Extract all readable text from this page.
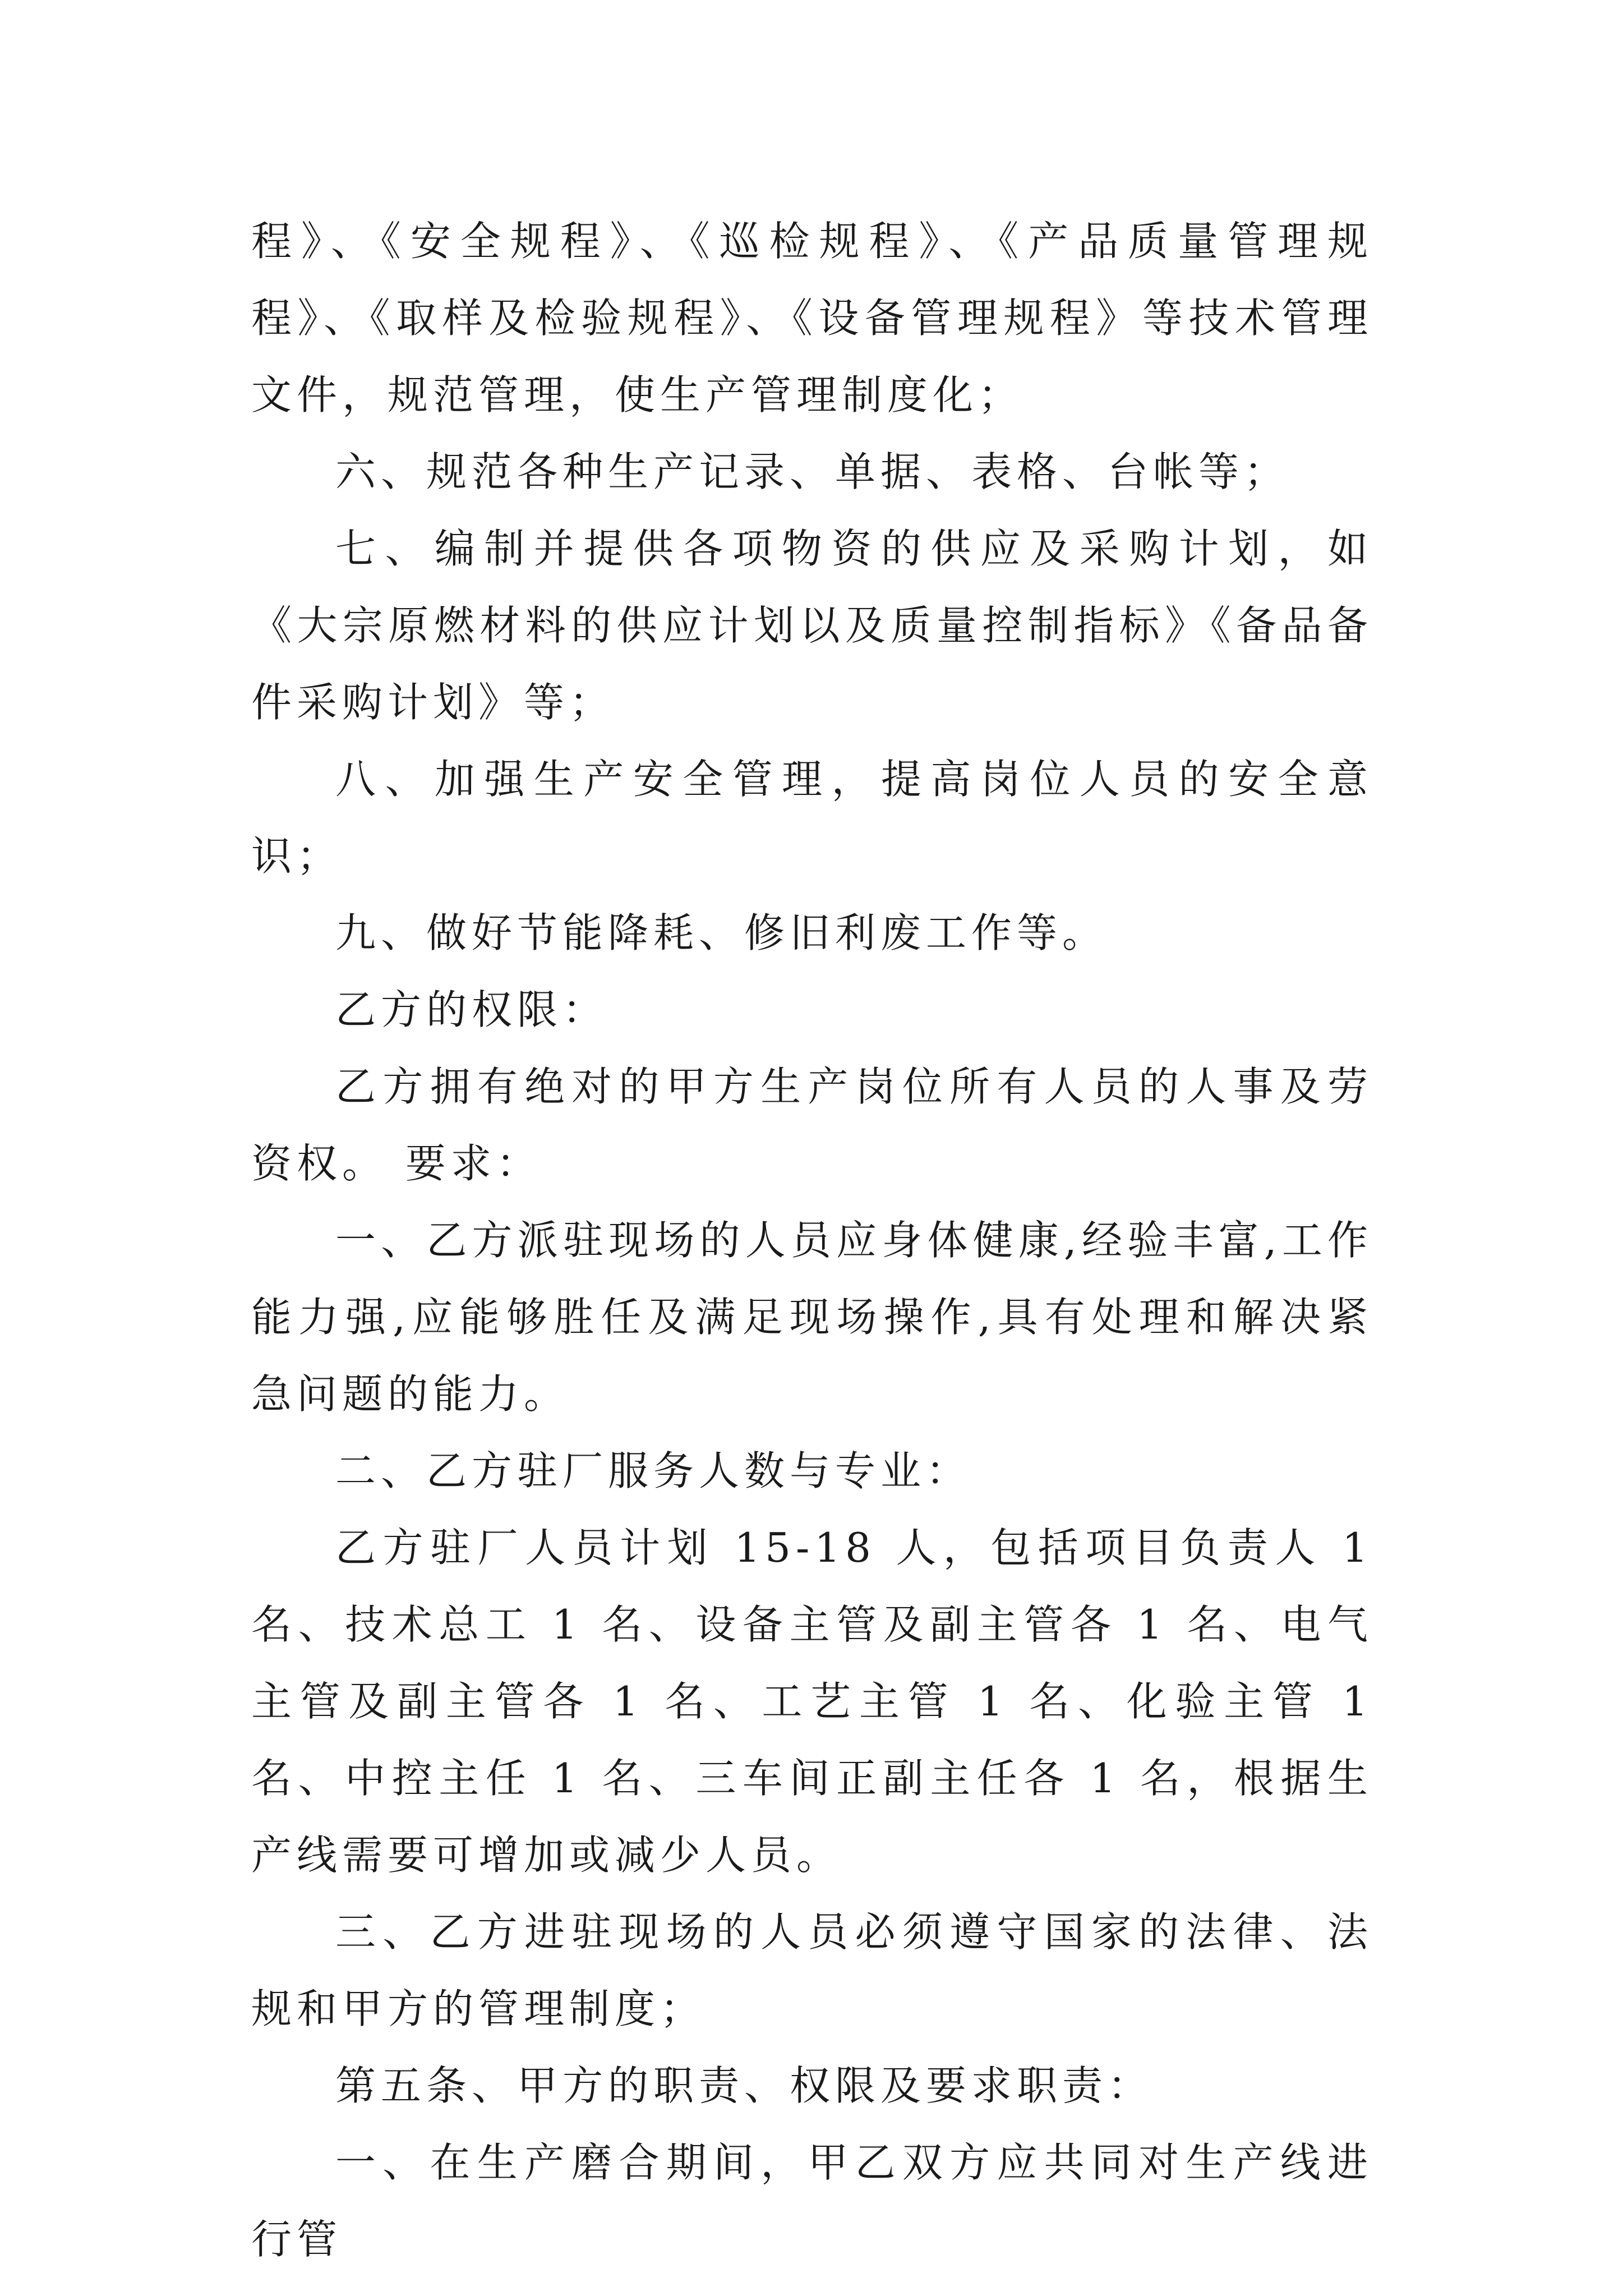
程》、《安全规程》、《巡检规程》、《产品质量管理规程》、《取样及检验规程》、《设备管理规程》等技术管理文件，规范管理，使生产管理制度化；

六、规范各种生产记录、单据、表格、台帐等；

七、编制并提供各项物资的供应及采购计划，如《大宗原燃材料的供应计划以及质量控制指标》《备品备件采购计划》等；

八、加强生产安全管理，提高岗位人员的安全意识；

九、做好节能降耗、修旧利废工作等。

乙方的权限：

乙方拥有绝对的甲方生产岗位所有人员的人事及劳资权。 要求：

一、乙方派驻现场的人员应身体健康,经验丰富,工作能力强,应能够胜任及满足现场操作,具有处理和解决紧急问题的能力。

二、乙方驻厂服务人数与专业：

乙方驻厂人员计划 15-18 人，包括项目负责人 1 名、技术总工 1 名、设备主管及副主管各 1 名、电气主管及副主管各 1 名、工艺主管 1 名、化验主管 1 名、中控主任 1 名、三车间正副主任各 1 名，根据生产线需要可增加或减少人员。

三、乙方进驻现场的人员必须遵守国家的法律、法规和甲方的管理制度；

第五条、甲方的职责、权限及要求职责：

一、在生产磨合期间，甲乙双方应共同对生产线进行管
